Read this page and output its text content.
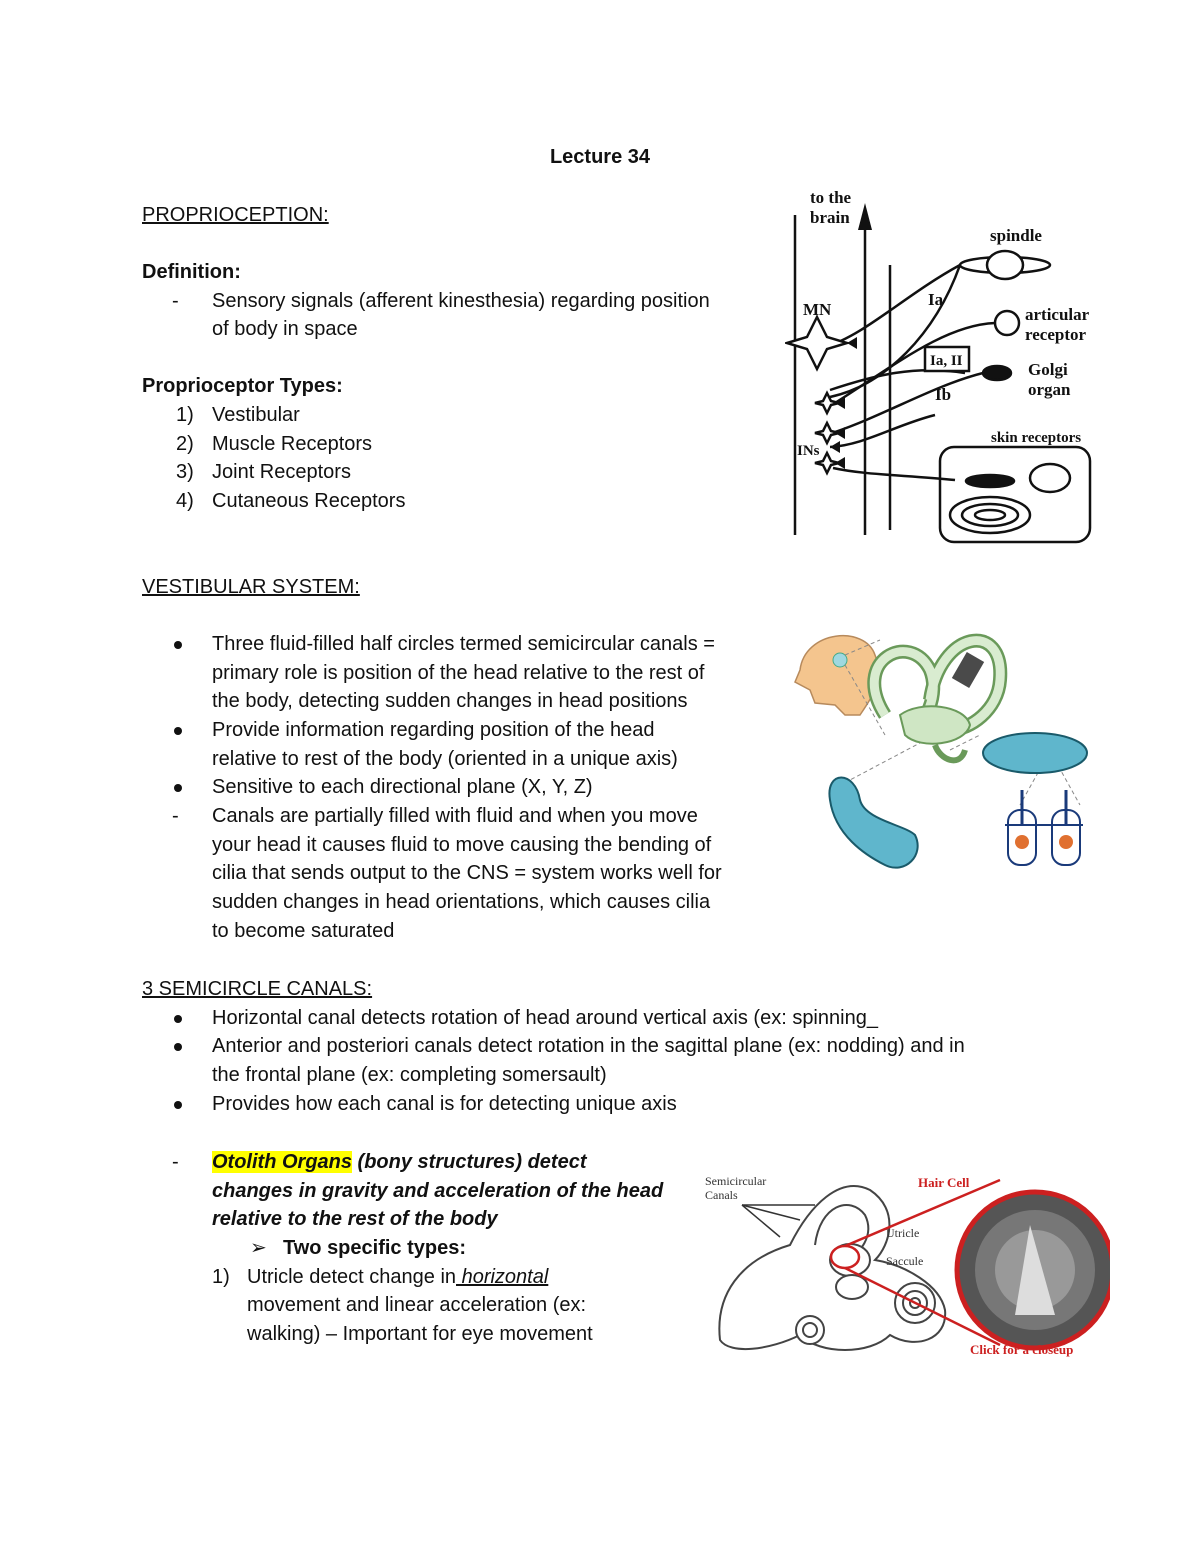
Lecture 34
PROPRIOCEPTION:
Definition:
- Sensory signals (afferent kinesthesia) regarding position
of body in space
Proprioceptor Types:
1) Vestibular
2) Muscle Receptors
3) Joint Receptors
4) Cutaneous Receptors
VESTIBULAR SYSTEM:
Three fluid-filled half circles termed semicircular canals =
primary role is position of the head relative to the rest of
the body, detecting sudden changes in head positions
Provide information regarding position of the head
relative to rest of the body (oriented in a unique axis)
Sensitive to each directional plane (X, Y, Z)
- Canals are partially filled with fluid and when you move
your head it causes fluid to move causing the bending of
cilia that sends output to the CNS = system works well for
sudden changes in head orientations, which causes cilia
to become saturated
3 SEMICIRCLE CANALS:
Horizontal canal detects rotation of head around vertical axis (ex: spinning_
Anterior and posteriori canals detect rotation in the sagittal plane (ex: nodding) and in
the frontal plane (ex: completing somersault)
Provides how each canal is for detecting unique axis
- Otolith Organs (bony structures) detect
changes in gravity and acceleration of the head
relative to the rest of the body
➢ Two specific types:
1) Utricle detect change in horizontal
movement and linear acceleration (ex:
walking) – Important for eye movement
to the
brain
spindle
MN
Ia
articular
receptor
Ia, II	Golgi
organ
Ib
skin receptors
INs
Semicircular
Canals
Utricle
Saccule
Hair Cell
Click for a closeup
